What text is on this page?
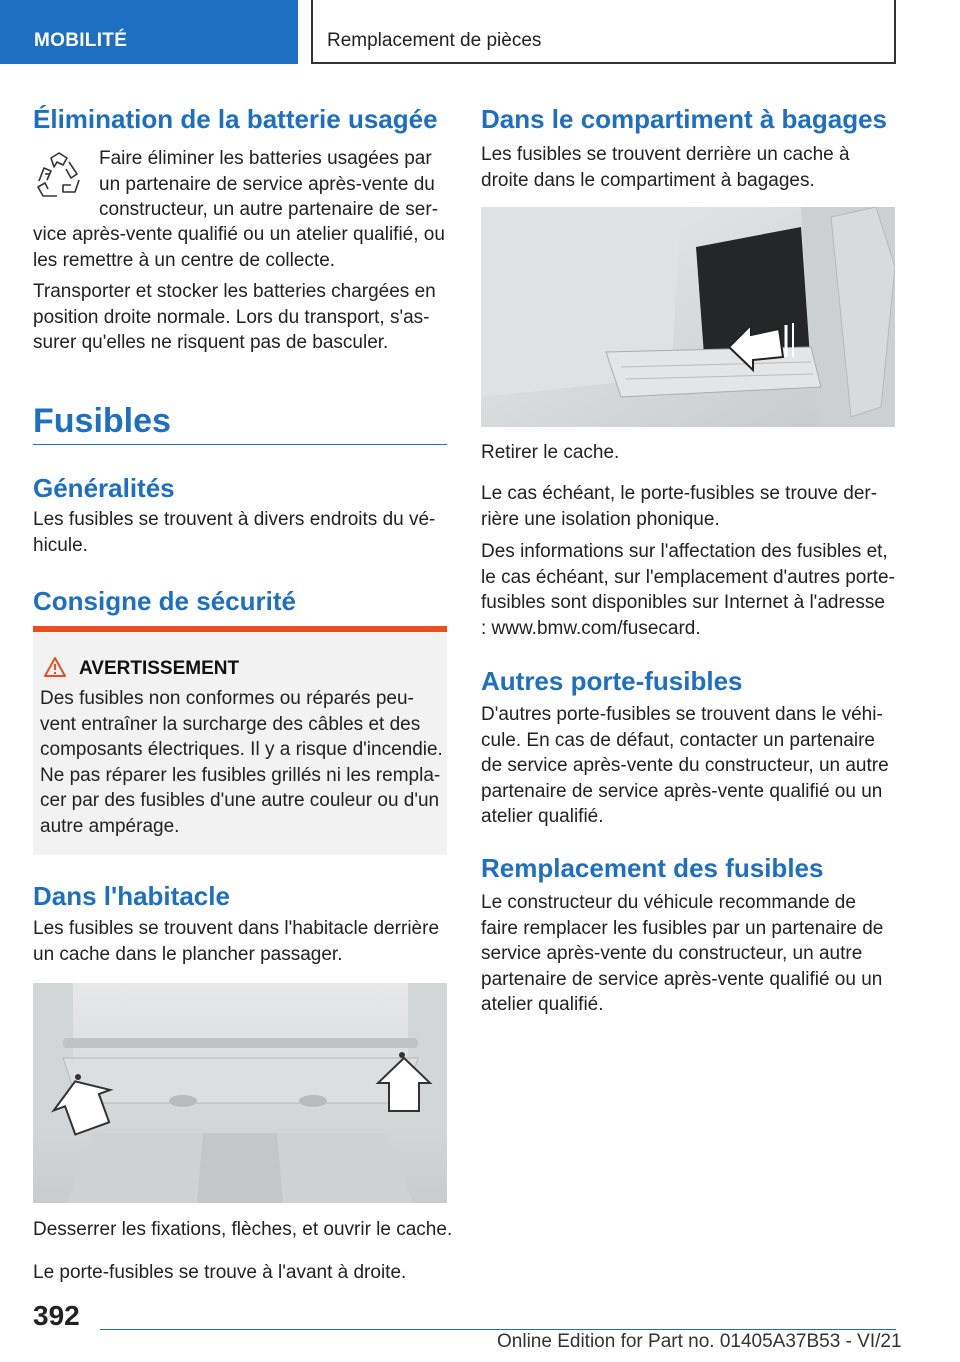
MOBILITÉ	Remplacement de pièces
Élimination de la batterie usagée
Faire éliminer les batteries usagées par
un partenaire de service après-vente du
constructeur, un autre partenaire de ser‐
vice après-vente qualifié ou un atelier qualifié, ou
les remettre à un centre de collecte.
Transporter et stocker les batteries chargées en position droite normale. Lors du transport, s'as‐surer qu'elles ne risquent pas de basculer.
Fusibles
Généralités
Les fusibles se trouvent à divers endroits du vé‐hicule.
Consigne de sécurité
AVERTISSEMENT
Des fusibles non conformes ou réparés peu‐vent entraîner la surcharge des câbles et des composants électriques. Il y a risque d'incendie. Ne pas réparer les fusibles grillés ni les rempla‐cer par des fusibles d'une autre couleur ou d'un autre ampérage.
Dans l'habitacle
Les fusibles se trouvent dans l'habitacle derrière un cache dans le plancher passager.
Desserrer les fixations, flèches, et ouvrir le cache.
Le porte-fusibles se trouve à l'avant à droite.
Dans le compartiment à bagages
Les fusibles se trouvent derrière un cache à droite dans le compartiment à bagages.
Retirer le cache.
Le cas échéant, le porte-fusibles se trouve der‐rière une isolation phonique.
Des informations sur l'affectation des fusibles et, le cas échéant, sur l'emplacement d'autres porte-fusibles sont disponibles sur Internet à l'adresse : www.bmw.com/fusecard.
Autres porte-fusibles
D'autres porte-fusibles se trouvent dans le véhi‐cule. En cas de défaut, contacter un partenaire de service après-vente du constructeur, un autre partenaire de service après-vente qualifié ou un atelier qualifié.
Remplacement des fusibles
Le constructeur du véhicule recommande de faire remplacer les fusibles par un partenaire de service après-vente du constructeur, un autre partenaire de service après-vente qualifié ou un atelier qualifié.
392
Online Edition for Part no. 01405A37B53 - VI/21
